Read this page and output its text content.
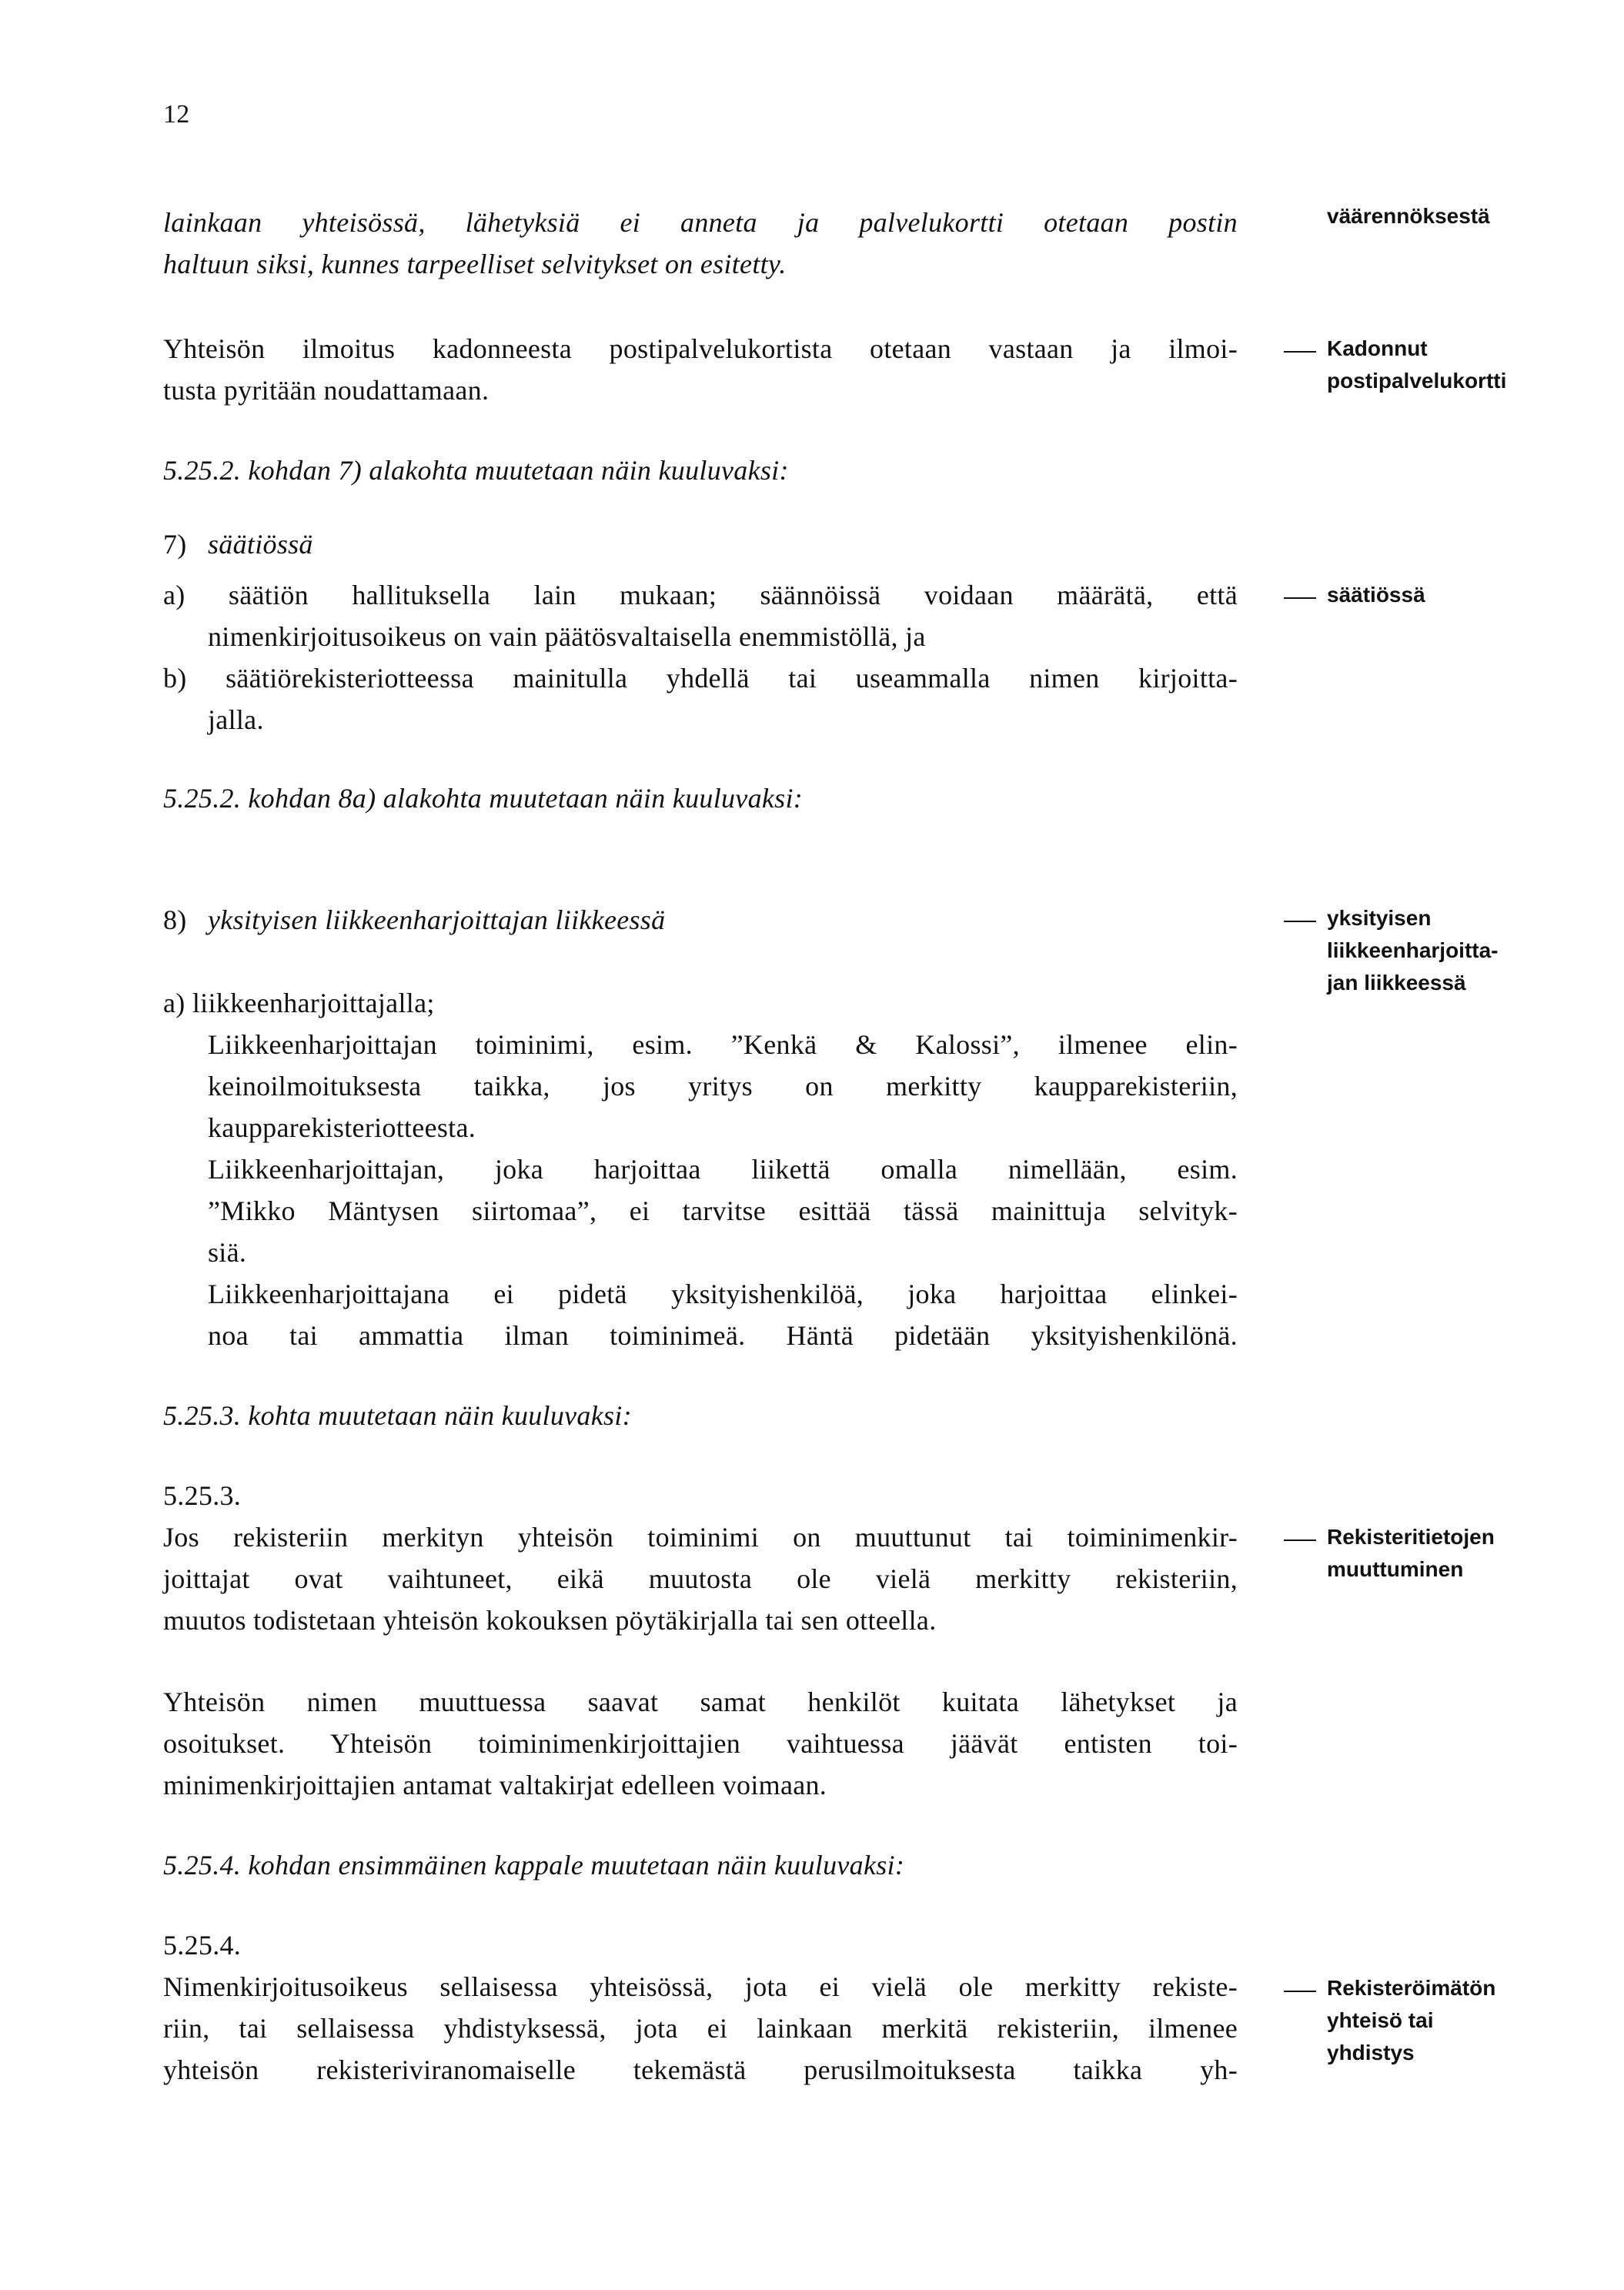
12
lainkaan yhteisössä, lähetyksiä ei anneta ja palvelukortti otetaan postin
haltuun siksi, kunnes tarpeelliset selvitykset on esitetty.
Yhteisön ilmoitus kadonneesta postipalvelukortista otetaan vastaan ja ilmoi-
tusta pyritään noudattamaan.
5.25.2. kohdan 7) alakohta muutetaan näin kuuluvaksi:
7) säätiössä
a) säätiön hallituksella lain mukaan; säännöissä voidaan määrätä, että
nimenkirjoitusoikeus on vain päätösvaltaisella enemmistöllä, ja
b) säätiörekisteriotteessa mainitulla yhdellä tai useammalla nimen kirjoitta-
jalla.
5.25.2. kohdan 8a) alakohta muutetaan näin kuuluvaksi:
8) yksityisen liikkeenharjoittajan liikkeessä
a) liikkeenharjoittajalla;
Liikkeenharjoittajan toiminimi, esim. ”Kenkä & Kalossi”, ilmenee elin-
keinoilmoituksesta taikka, jos yritys on merkitty kaupparekisteriin,
kaupparekisteriotteesta.
Liikkeenharjoittajan, joka harjoittaa liikettä omalla nimellään, esim.
”Mikko Mäntysen siirtomaa”, ei tarvitse esittää tässä mainittuja selvityk-
siä.
Liikkeenharjoittajana ei pidetä yksityishenkilöä, joka harjoittaa elinkei-
noa tai ammattia ilman toiminimeä. Häntä pidetään yksityishenkilönä.
5.25.3. kohta muutetaan näin kuuluvaksi:
5.25.3.
Jos rekisteriin merkityn yhteisön toiminimi on muuttunut tai toiminimenkir-
joittajat ovat vaihtuneet, eikä muutosta ole vielä merkitty rekisteriin,
muutos todistetaan yhteisön kokouksen pöytäkirjalla tai sen otteella.
Yhteisön nimen muuttuessa saavat samat henkilöt kuitata lähetykset ja
osoitukset. Yhteisön toiminimenkirjoittajien vaihtuessa jäävät entisten toi-
minimenkirjoittajien antamat valtakirjat edelleen voimaan.
5.25.4. kohdan ensimmäinen kappale muutetaan näin kuuluvaksi:
5.25.4.
Nimenkirjoitusoikeus sellaisessa yhteisössä, jota ei vielä ole merkitty rekiste-
riin, tai sellaisessa yhdistyksessä, jota ei lainkaan merkitä rekisteriin, ilmenee
yhteisön rekisteriviranomaiselle tekemästä perusilmoituksesta taikka yh-
väärennöksestä
Kadonnut
postipalvelukortti
säätiössä
yksityisen
liikkeenharjoitta-
jan liikkeessä
Rekisteritietojen
muuttuminen
Rekisteröimätön
yhteisö tai
yhdistys
